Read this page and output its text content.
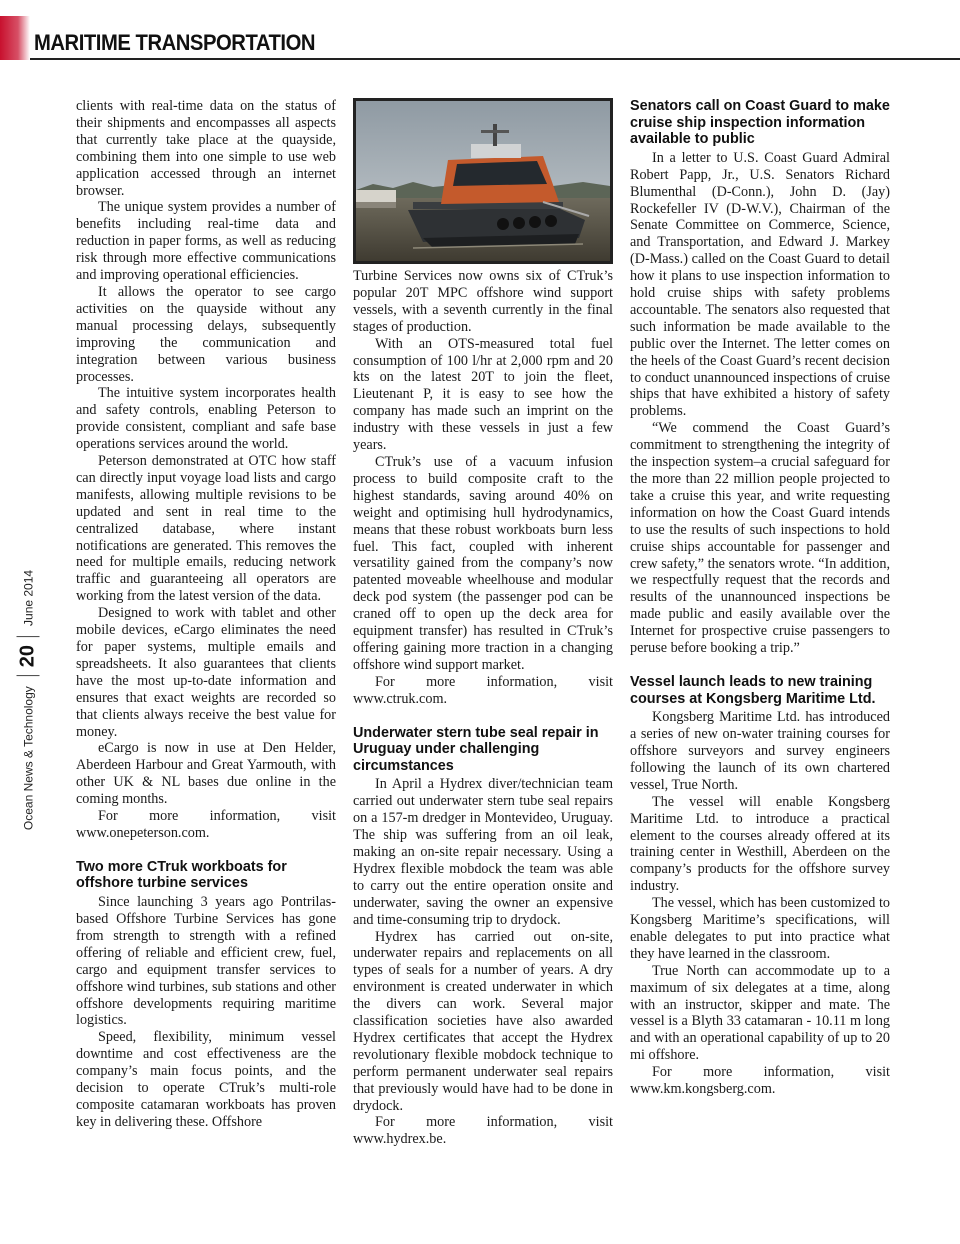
MARITIME TRANSPORTATION
Ocean News & Technology
20
June 2014

clients with real-time data on the status of their shipments and encompasses all aspects that currently take place at the quayside, combining them into one simple to use web application accessed through an internet browser.

The unique system provides a number of benefits including real-time data and reduction in paper forms, as well as reducing risk through more effective communications and improving operational efficiencies.

It allows the operator to see cargo activities on the quayside without any manual processing delays, subsequently improving the communication and integration between various business processes.

The intuitive system incorporates health and safety controls, enabling Peterson to provide consistent, compliant and safe base operations services around the world.

Peterson demonstrated at OTC how staff can directly input voyage load lists and cargo manifests, allowing multiple revisions to be updated and sent in real time to the centralized database, where instant notifications are generated. This removes the need for multiple emails, reducing network traffic and guaranteeing all operators are working from the latest version of the data.

Designed to work with tablet and other mobile devices, eCargo eliminates the need for paper systems, multiple emails and spreadsheets. It also guarantees that clients have the most up-to-date information and ensures that exact weights are recorded so that clients always receive the best value for money.

eCargo is now in use at Den Helder, Aberdeen Harbour and Great Yarmouth, with other UK & NL bases due online in the coming months.

For more information, visit www.onepeterson.com.

Two more CTruk workboats for offshore turbine services

Since launching 3 years ago Pontrilas-based Offshore Turbine Services has gone from strength to strength with a refined offering of reliable and efficient crew, fuel, cargo and equipment transfer services to offshore wind turbines, sub stations and other offshore developments requiring maritime logistics.

Speed, flexibility, minimum vessel downtime and cost effectiveness are the company’s main focus points, and the decision to operate CTruk’s multi-role composite catamaran workboats has proven key in delivering these. Offshore

Turbine Services now owns six of CTruk’s popular 20T MPC offshore wind support vessels, with a seventh currently in the final stages of production.

With an OTS-measured total fuel consumption of 100 l/hr at 2,000 rpm and 20 kts on the latest 20T to join the fleet, Lieutenant P, it is easy to see how the company has made such an imprint on the industry with these vessels in just a few years.

CTruk’s use of a vacuum infusion process to build composite craft to the highest standards, saving around 40% on weight and optimising hull hydrodynamics, means that these robust workboats burn less fuel. This fact, coupled with inherent versatility gained from the company’s now patented moveable wheelhouse and modular deck pod system (the passenger pod can be craned off to open up the deck area for equipment transfer) has resulted in CTruk’s offering gaining more traction in a changing offshore wind support market.

For more information, visit www.ctruk.com.

Underwater stern tube seal repair in Uruguay under challenging circumstances

In April a Hydrex diver/technician team carried out underwater stern tube seal repairs on a 157-m dredger in Montevideo, Uruguay. The ship was suffering from an oil leak, making an on-site repair necessary. Using a Hydrex flexible mobdock the team was able to carry out the entire operation onsite and underwater, saving the owner an expensive and time-consuming trip to drydock.

Hydrex has carried out on-site, underwater repairs and replacements on all types of seals for a number of years. A dry environment is created underwater in which the divers can work. Several major classification societies have also awarded Hydrex certificates that accept the Hydrex revolutionary flexible mobdock technique to perform permanent underwater seal repairs that previously would have had to be done in drydock.

For more information, visit www.hydrex.be.

Senators call on Coast Guard to make cruise ship inspection information available to public

In a letter to U.S. Coast Guard Admiral Robert Papp, Jr., U.S. Senators Richard Blumenthal (D-Conn.), John D. (Jay) Rockefeller IV (D-W.V.), Chairman of the Senate Committee on Commerce, Science, and Transportation, and Edward J. Markey (D-Mass.) called on the Coast Guard to detail how it plans to use inspection information to hold cruise ships with safety problems accountable. The senators also requested that such information be made available to the public over the Internet. The letter comes on the heels of the Coast Guard’s recent decision to conduct unannounced inspections of cruise ships that have exhibited a history of safety problems.

“We commend the Coast Guard’s commitment to strengthening the integrity of the inspection system–a crucial safeguard for the more than 22 million people projected to take a cruise this year, and write requesting information on how the Coast Guard intends to use the results of such inspections to hold cruise ships accountable for passenger and crew safety,” the senators wrote. “In addition, we respectfully request that the records and results of the unannounced inspections be made public and easily available over the Internet for prospective cruise passengers to peruse before booking a trip.”

Vessel launch leads to new training courses at Kongsberg Maritime Ltd.

Kongsberg Maritime Ltd. has introduced a series of new on-water training courses for offshore surveyors and survey engineers following the launch of its own chartered vessel, True North.

The vessel will enable Kongsberg Maritime Ltd. to introduce a practical element to the courses already offered at its training center in Westhill, Aberdeen on the company’s products for the offshore survey industry.

The vessel, which has been customized to Kongsberg Maritime’s specifications, will enable delegates to put into practice what they have learned in the classroom.

True North can accommodate up to a maximum of six delegates at a time, along with an instructor, skipper and mate. The vessel is a Blyth 33 catamaran - 10.11 m long and with an operational capability of up to 20 mi offshore.

For more information, visit www.km.kongsberg.com.
